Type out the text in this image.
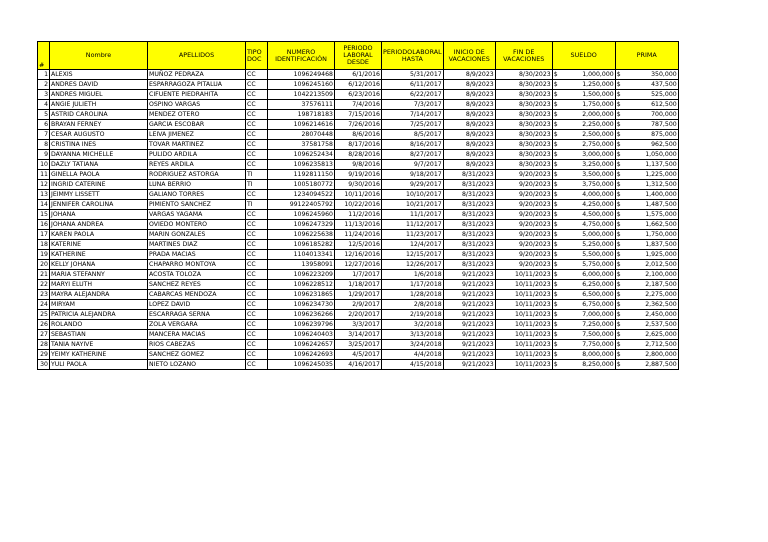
#	Nombre	APELLIDOS	TIPO DOC	NUMERO IDENTIFICACIÓN	PERIODO LABORAL DESDE	PERIODOLABORAL HASTA	INICIO DE VACACIONES	FIN DE VACACIONES	SUELDO	PRIMA
1	ALEXIS	MUÑOZ PEDRAZA	CC	1096249468	6/1/2016	5/31/2017	8/9/2023	8/30/2023	$ 1,000,000	$ 350,000

2	ANDRES DAVID	ESPARRAGOZA PITALUA	CC	1096245160	6/12/2016	6/11/2017	8/9/2023	8/30/2023	$ 1,250,000	$ 437,500

3	ANDRES MIGUEL	CIFUENTE PIEDRAHITA	CC	1042213509	6/23/2016	6/22/2017	8/9/2023	8/30/2023	$ 1,500,000	$ 525,000

4	ANGIE JULIETH	OSPINO VARGAS	CC	37576111	7/4/2016	7/3/2017	8/9/2023	8/30/2023	$ 1,750,000	$ 612,500

5	ASTRID CAROLINA	MENDEZ OTERO	CC	198718183	7/15/2016	7/14/2017	8/9/2023	8/30/2023	$ 2,000,000	$ 700,000

6	BRAYAN FERNEY	GARCIA ESCOBAR	CC	1096214616	7/26/2016	7/25/2017	8/9/2023	8/30/2023	$ 2,250,000	$ 787,500

7	CESAR AUGUSTO	LEIVA JIMENEZ	CC	28070448	8/6/2016	8/5/2017	8/9/2023	8/30/2023	$ 2,500,000	$ 875,000

8	CRISTINA INES	TOVAR MARTINEZ	CC	37581758	8/17/2016	8/16/2017	8/9/2023	8/30/2023	$ 2,750,000	$ 962,500

9	DAYANNA MICHELLE	PULIDO ARDILA	CC	1096252434	8/28/2016	8/27/2017	8/9/2023	8/30/2023	$ 3,000,000	$ 1,050,000

10	DAZLY TATIANA	REYES ARDILA	CC	1096235813	9/8/2016	9/7/2017	8/9/2023	8/30/2023	$ 3,250,000	$ 1,137,500

11	GINELLA PAOLA	RODRIGUEZ ASTORGA	TI	1192811150	9/19/2016	9/18/2017	8/31/2023	9/20/2023	$ 3,500,000	$ 1,225,000

12	INGRID CATERINE	LUNA BERRIO	TI	1005180772	9/30/2016	9/29/2017	8/31/2023	9/20/2023	$ 3,750,000	$ 1,312,500

13	JEIMMY LISSETT	GALIANO TORRES	CC	1234094522	10/11/2016	10/10/2017	8/31/2023	9/20/2023	$ 4,000,000	$ 1,400,000

14	JENNIFER CAROLINA	PIMIENTO SANCHEZ	TI	99122405792	10/22/2016	10/21/2017	8/31/2023	9/20/2023	$ 4,250,000	$ 1,487,500

15	JOHANA	VARGAS YAGAMA	CC	1096245960	11/2/2016	11/1/2017	8/31/2023	9/20/2023	$ 4,500,000	$ 1,575,000

16	JOHANA ANDREA	OVIEDO MONTERO	CC	1096247329	11/13/2016	11/12/2017	8/31/2023	9/20/2023	$ 4,750,000	$ 1,662,500

17	KAREN PAOLA	MARIN GONZALES	CC	1096225638	11/24/2016	11/23/2017	8/31/2023	9/20/2023	$ 5,000,000	$ 1,750,000

18	KATERINE	MARTINES DIAZ	CC	1096185282	12/5/2016	12/4/2017	8/31/2023	9/20/2023	$ 5,250,000	$ 1,837,500

19	KATHERINE	PRADA MACIAS	CC	1104013341	12/16/2016	12/15/2017	8/31/2023	9/20/2023	$ 5,500,000	$ 1,925,000

20	KELLY JOHANA	CHAPARRO MONTOYA	CC	13958091	12/27/2016	12/26/2017	8/31/2023	9/20/2023	$ 5,750,000	$ 2,012,500

21	MARIA STEFANNY	ACOSTA TOLOZA	CC	1096223209	1/7/2017	1/6/2018	9/21/2023	10/11/2023	$ 6,000,000	$ 2,100,000

22	MARYI ELUTH	SANCHEZ REYES	CC	1096228512	1/18/2017	1/17/2018	9/21/2023	10/11/2023	$ 6,250,000	$ 2,187,500

23	MAYRA ALEJANDRA	CABARCAS MENDOZA	CC	1096231865	1/29/2017	1/28/2018	9/21/2023	10/11/2023	$ 6,500,000	$ 2,275,000

24	MIRYAM	LOPEZ DAVID	CC	1096234730	2/9/2017	2/8/2018	9/21/2023	10/11/2023	$ 6,750,000	$ 2,362,500

25	PATRICIA ALEJANDRA	ESCARRAGA SERNA	CC	1096236266	2/20/2017	2/19/2018	9/21/2023	10/11/2023	$ 7,000,000	$ 2,450,000

26	ROLANDO	ZOLA VERGARA	CC	1096239796	3/3/2017	3/2/2018	9/21/2023	10/11/2023	$ 7,250,000	$ 2,537,500

27	SEBASTIAN	MANCERA MACIAS	CC	1096240403	3/14/2017	3/13/2018	9/21/2023	10/11/2023	$ 7,500,000	$ 2,625,000

28	TANIA NAYIVE	RIOS CABEZAS	CC	1096242657	3/25/2017	3/24/2018	9/21/2023	10/11/2023	$ 7,750,000	$ 2,712,500

29	YEIMY KATHERINE	SANCHEZ GOMEZ	CC	1096242693	4/5/2017	4/4/2018	9/21/2023	10/11/2023	$ 8,000,000	$ 2,800,000

30	YULI PAOLA	NIETO LOZANO	CC	1096245035	4/16/2017	4/15/2018	9/21/2023	10/11/2023	$ 8,250,000	$ 2,887,500
